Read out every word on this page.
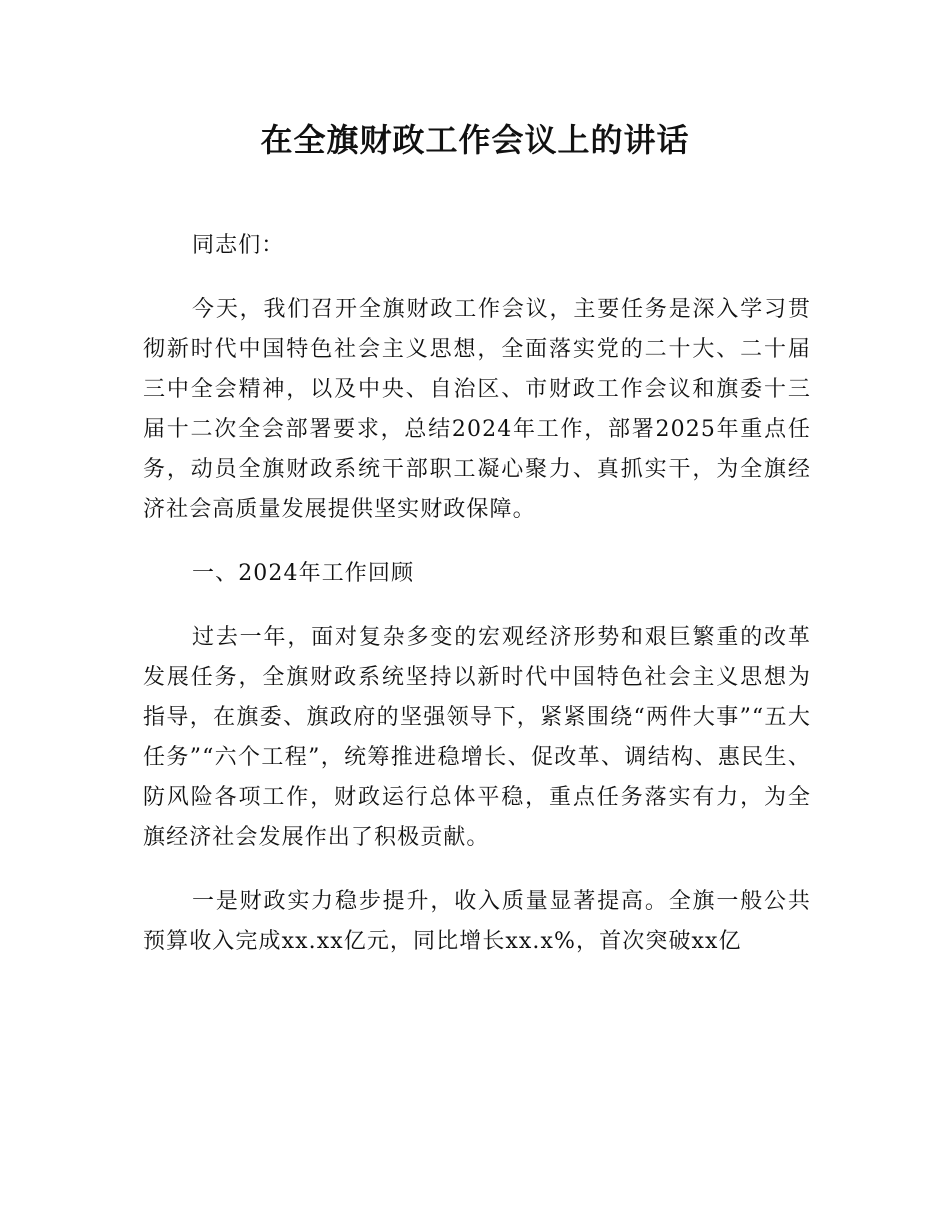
在全旗财政工作会议上的讲话

同志们：

今天，我们召开全旗财政工作会议，主要任务是深入学习贯彻新时代中国特色社会主义思想，全面落实党的二十大、二十届三中全会精神，以及中央、自治区、市财政工作会议和旗委十三届十二次全会部署要求，总结2024年工作，部署2025年重点任务，动员全旗财政系统干部职工凝心聚力、真抓实干，为全旗经济社会高质量发展提供坚实财政保障。

一、2024年工作回顾

过去一年，面对复杂多变的宏观经济形势和艰巨繁重的改革发展任务，全旗财政系统坚持以新时代中国特色社会主义思想为指导，在旗委、旗政府的坚强领导下，紧紧围绕“两件大事”“五大任务”“六个工程”，统筹推进稳增长、促改革、调结构、惠民生、防风险各项工作，财政运行总体平稳，重点任务落实有力，为全旗经济社会发展作出了积极贡献。

一是财政实力稳步提升，收入质量显著提高。全旗一般公共预算收入完成xx.xx亿元，同比增长xx.x%，首次突破xx亿
